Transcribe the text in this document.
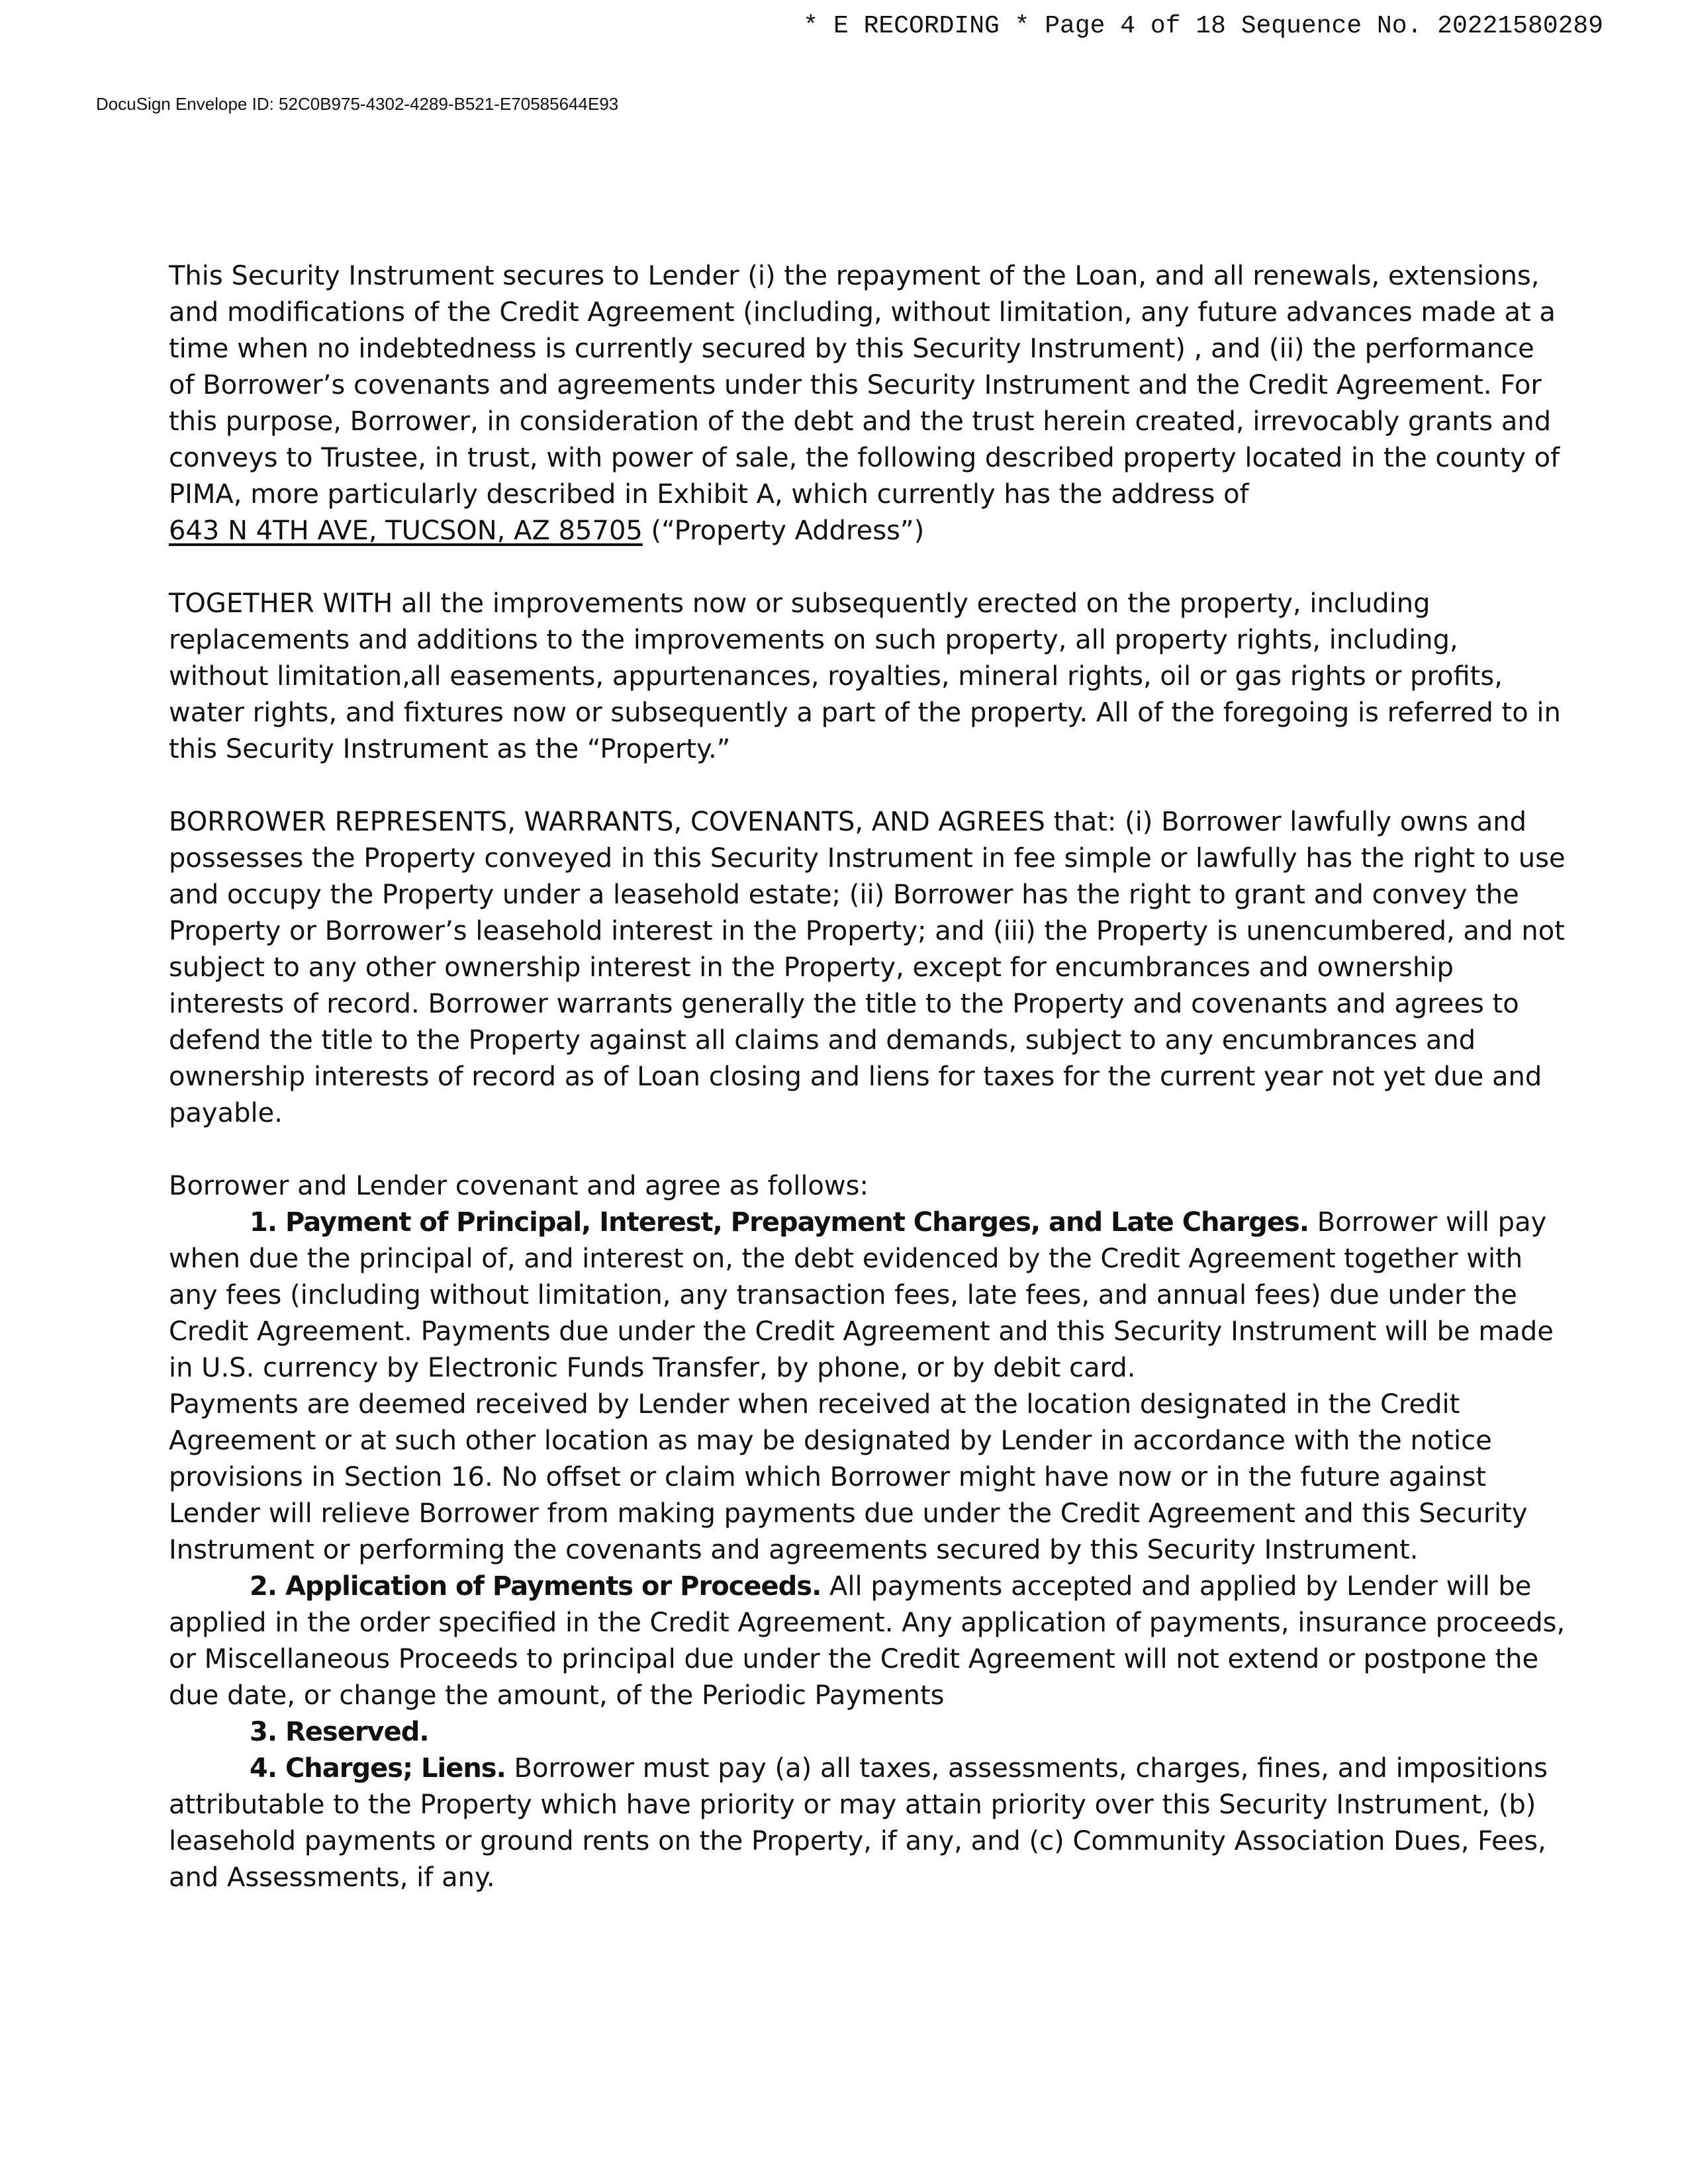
* E RECORDING * Page 4 of 18 Sequence No. 20221580289
DocuSign Envelope ID: 52C0B975-4302-4289-B521-E70585644E93

This Security Instrument secures to Lender (i) the repayment of the Loan, and all renewals, extensions, and modifications of the Credit Agreement (including, without limitation, any future advances made at a time when no indebtedness is currently secured by this Security Instrument) , and (ii) the performance of Borrower’s covenants and agreements under this Security Instrument and the Credit Agreement. For this purpose, Borrower, in consideration of the debt and the trust herein created, irrevocably grants and conveys to Trustee, in trust, with power of sale, the following described property located in the county of PIMA, more particularly described in Exhibit A, which currently has the address of

643 N 4TH AVE, TUCSON, AZ 85705 (“Property Address”)

TOGETHER WITH all the improvements now or subsequently erected on the property, including replacements and additions to the improvements on such property, all property rights, including, without limitation,all easements, appurtenances, royalties, mineral rights, oil or gas rights or profits, water rights, and fixtures now or subsequently a part of the property. All of the foregoing is referred to in this Security Instrument as the “Property.”

BORROWER REPRESENTS, WARRANTS, COVENANTS, AND AGREES that: (i) Borrower lawfully owns and possesses the Property conveyed in this Security Instrument in fee simple or lawfully has the right to use and occupy the Property under a leasehold estate; (ii) Borrower has the right to grant and convey the Property or Borrower’s leasehold interest in the Property; and (iii) the Property is unencumbered, and not subject to any other ownership interest in the Property, except for encumbrances and ownership interests of record. Borrower warrants generally the title to the Property and covenants and agrees to defend the title to the Property against all claims and demands, subject to any encumbrances and ownership interests of record as of Loan closing and liens for taxes for the current year not yet due and payable.

Borrower and Lender covenant and agree as follows:

1. Payment of Principal, Interest, Prepayment Charges, and Late Charges. Borrower will pay when due the principal of, and interest on, the debt evidenced by the Credit Agreement together with any fees (including without limitation, any transaction fees, late fees, and annual fees) due under the Credit Agreement. Payments due under the Credit Agreement and this Security Instrument will be made in U.S. currency by Electronic Funds Transfer, by phone, or by debit card.

Payments are deemed received by Lender when received at the location designated in the Credit Agreement or at such other location as may be designated by Lender in accordance with the notice provisions in Section 16. No offset or claim which Borrower might have now or in the future against Lender will relieve Borrower from making payments due under the Credit Agreement and this Security Instrument or performing the covenants and agreements secured by this Security Instrument.

2. Application of Payments or Proceeds. All payments accepted and applied by Lender will be applied in the order specified in the Credit Agreement. Any application of payments, insurance proceeds, or Miscellaneous Proceeds to principal due under the Credit Agreement will not extend or postpone the due date, or change the amount, of the Periodic Payments

3. Reserved.

4. Charges; Liens. Borrower must pay (a) all taxes, assessments, charges, fines, and impositions attributable to the Property which have priority or may attain priority over this Security Instrument, (b) leasehold payments or ground rents on the Property, if any, and (c) Community Association Dues, Fees, and Assessments, if any.
